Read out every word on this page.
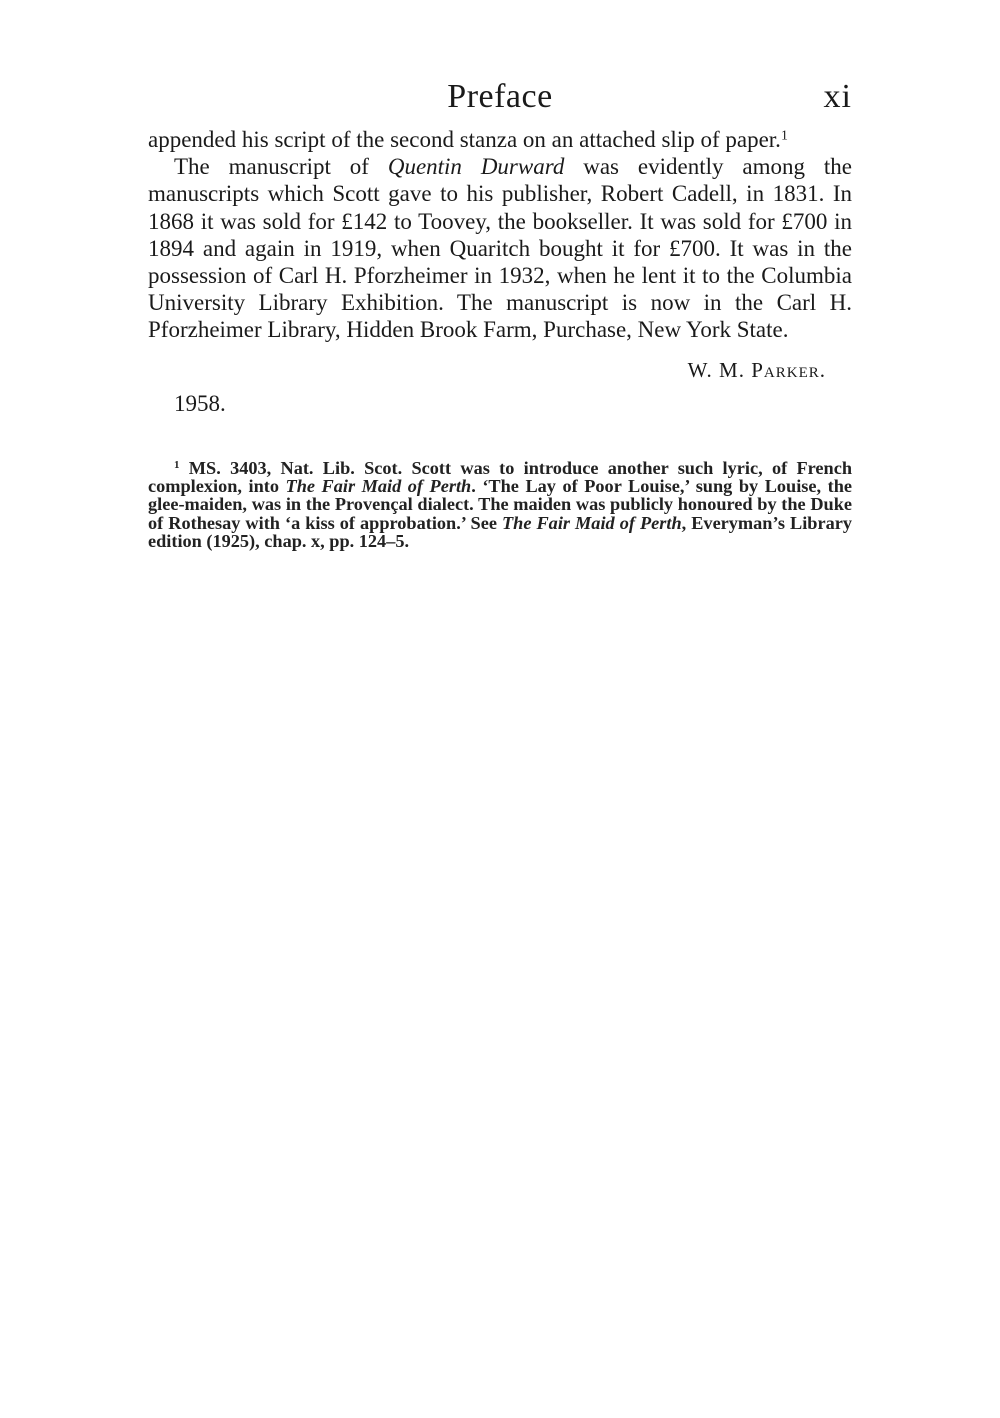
Preface	xi

appended his script of the second stanza on an attached slip of paper.$^1$

The manuscript of Quentin Durward was evidently among the manuscripts which Scott gave to his publisher, Robert Cadell, in 1831. In 1868 it was sold for £142 to Toovey, the bookseller. It was sold for £700 in 1894 and again in 1919, when Quaritch bought it for £700. It was in the possession of Carl H. Pforzheimer in 1932, when he lent it to the Columbia University Library Exhibition. The manuscript is now in the Carl H. Pforzheimer Library, Hidden Brook Farm, Purchase, New York State.

W. M. Parker.
1958.
$^1$ MS. 3403, Nat. Lib. Scot. Scott was to introduce another such lyric, of French complexion, into The Fair Maid of Perth. ‘The Lay of Poor Louise,’ sung by Louise, the glee-maiden, was in the Provençal dialect. The maiden was publicly honoured by the Duke of Rothesay with ‘a kiss of approbation.’ See The Fair Maid of Perth, Everyman’s Library edition (1925), chap. x, pp. 124–5.
